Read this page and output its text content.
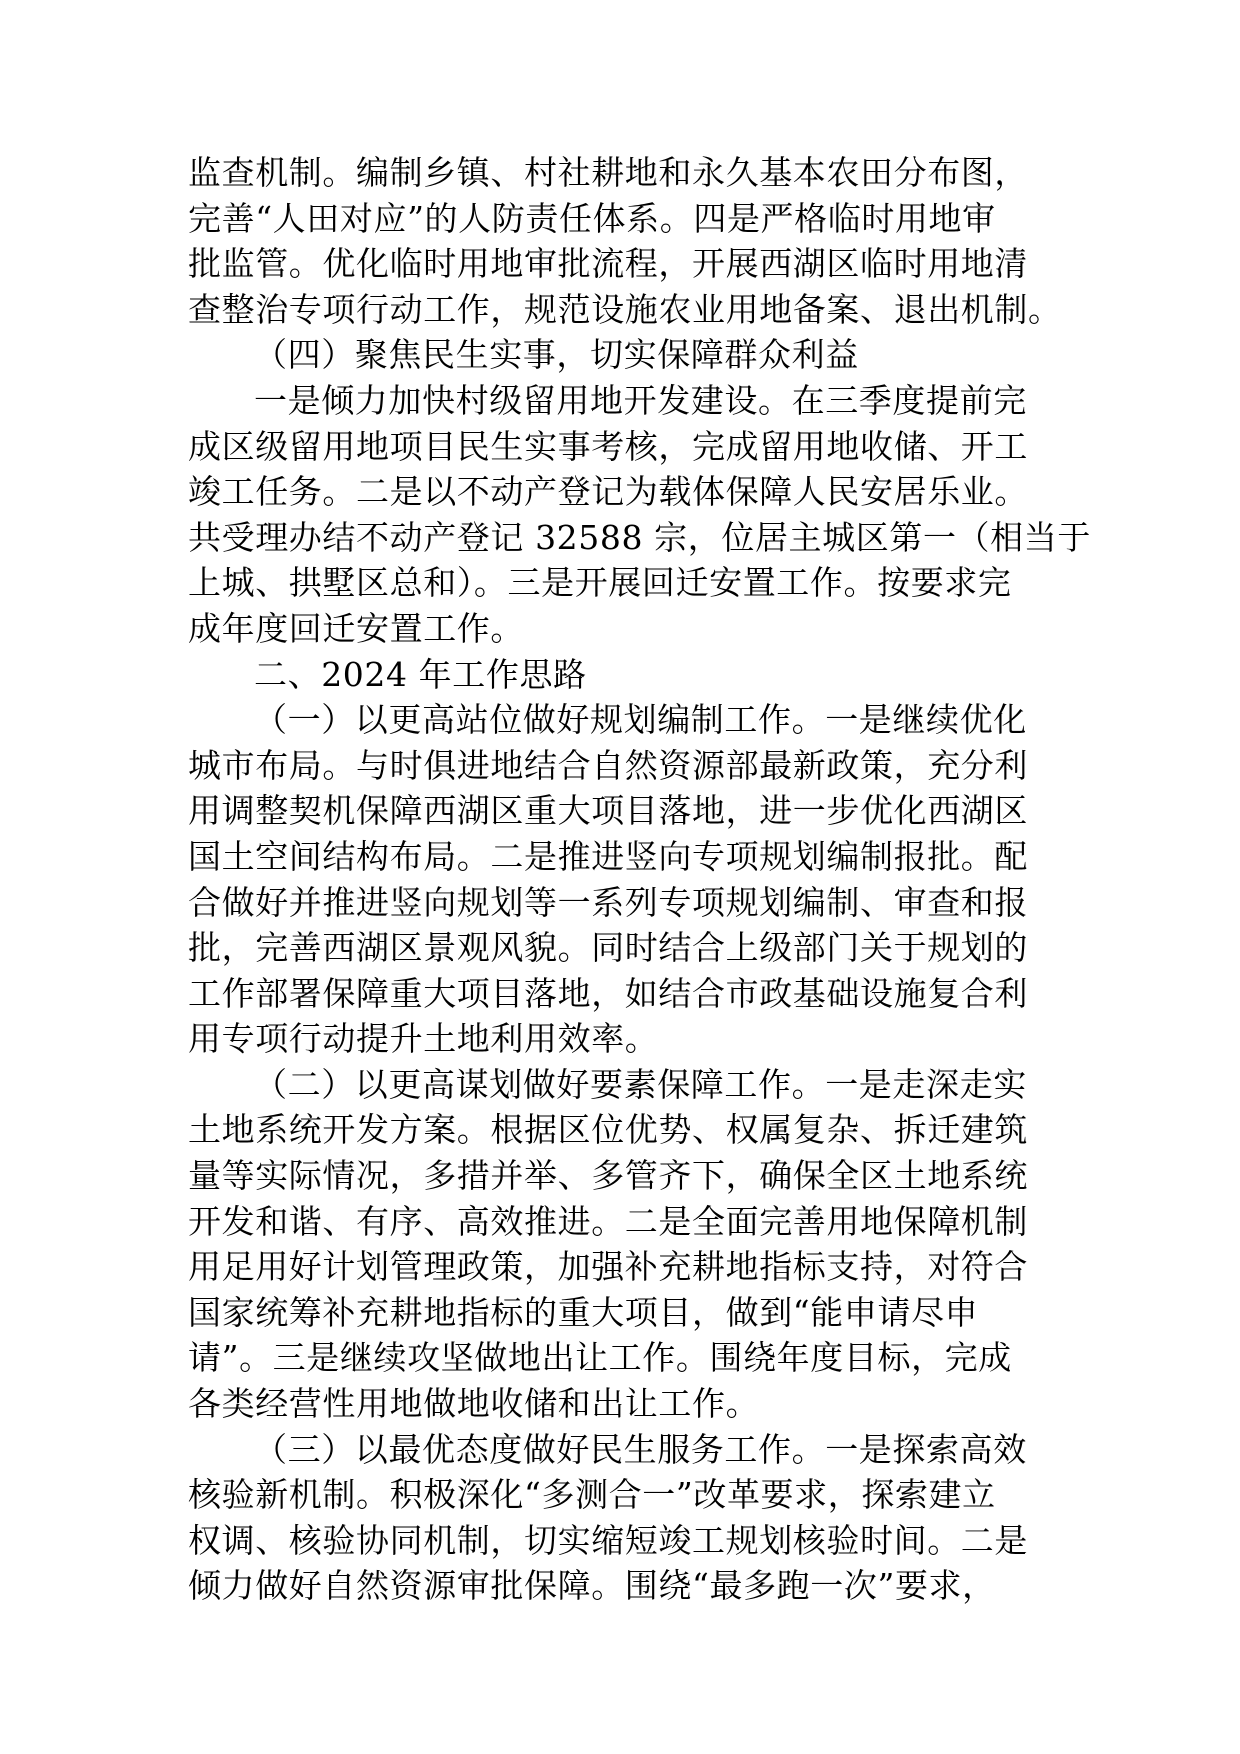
监查机制。编制乡镇、村社耕地和永久基本农田分布图，
完善“人田对应”的人防责任体系。四是严格临时用地审
批监管。优化临时用地审批流程，开展西湖区临时用地清
查整治专项行动工作，规范设施农业用地备案、退出机制。
（四）聚焦民生实事，切实保障群众利益
一是倾力加快村级留用地开发建设。在三季度提前完
成区级留用地项目民生实事考核，完成留用地收储、开工
竣工任务。二是以不动产登记为载体保障人民安居乐业。
共受理办结不动产登记 32588 宗，位居主城区第一（相当于
上城、拱墅区总和）。三是开展回迁安置工作。按要求完
成年度回迁安置工作。
二、2024 年工作思路
（一）以更高站位做好规划编制工作。一是继续优化
城市布局。与时俱进地结合自然资源部最新政策，充分利
用调整契机保障西湖区重大项目落地，进一步优化西湖区
国土空间结构布局。二是推进竖向专项规划编制报批。配
合做好并推进竖向规划等一系列专项规划编制、审查和报
批，完善西湖区景观风貌。同时结合上级部门关于规划的
工作部署保障重大项目落地，如结合市政基础设施复合利
用专项行动提升土地利用效率。
（二）以更高谋划做好要素保障工作。一是走深走实
土地系统开发方案。根据区位优势、权属复杂、拆迁建筑
量等实际情况，多措并举、多管齐下，确保全区土地系统
开发和谐、有序、高效推进。二是全面完善用地保障机制
用足用好计划管理政策，加强补充耕地指标支持，对符合
国家统筹补充耕地指标的重大项目，做到“能申请尽申
请”。三是继续攻坚做地出让工作。围绕年度目标，完成
各类经营性用地做地收储和出让工作。
（三）以最优态度做好民生服务工作。一是探索高效
核验新机制。积极深化“多测合一”改革要求，探索建立
权调、核验协同机制，切实缩短竣工规划核验时间。二是
倾力做好自然资源审批保障。围绕“最多跑一次”要求，
